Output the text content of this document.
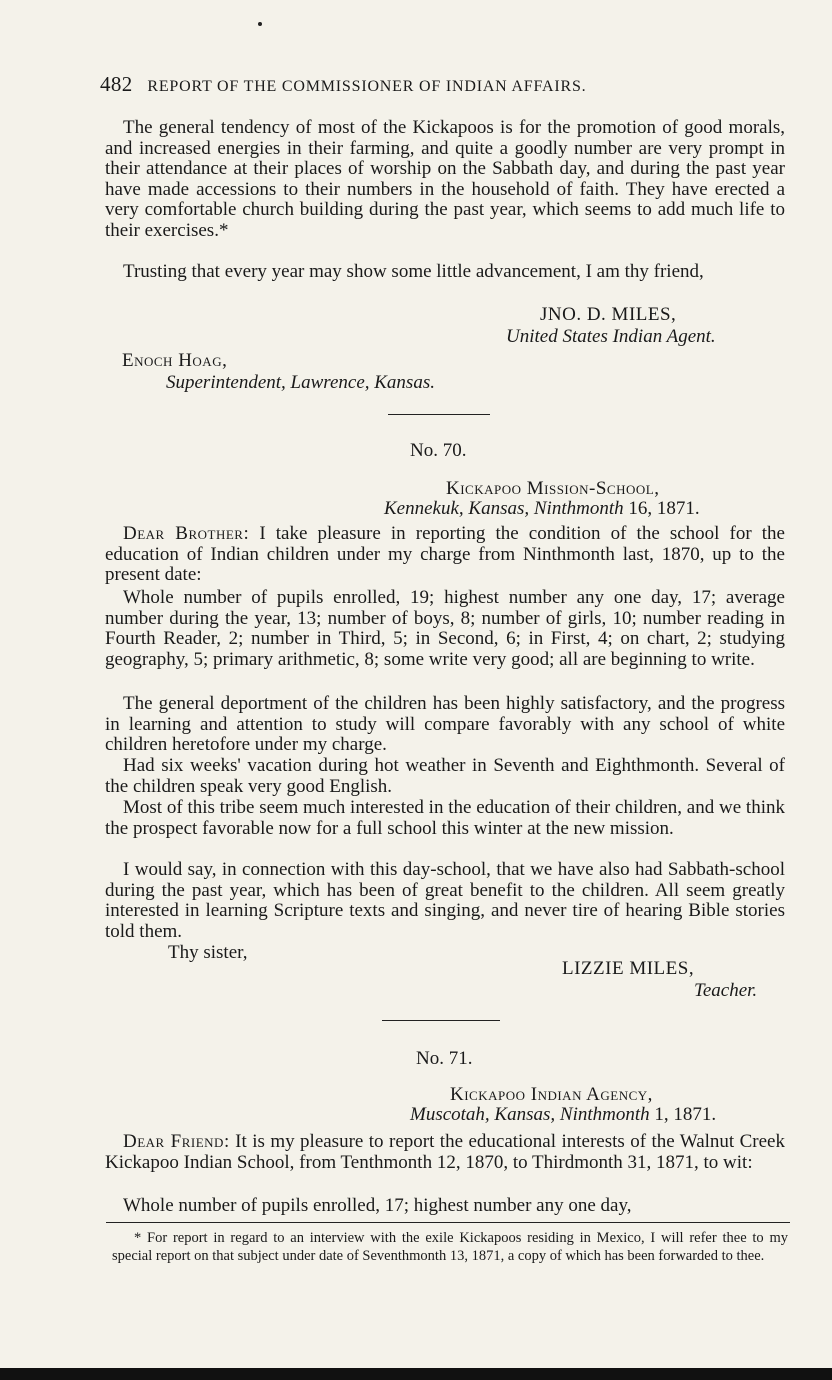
482 REPORT OF THE COMMISSIONER OF INDIAN AFFAIRS.

The general tendency of most of the Kickapoos is for the promotion of good morals, and increased energies in their farming, and quite a goodly number are very prompt in their attendance at their places of worship on the Sabbath day, and during the past year have made accessions to their numbers in the household of faith. They have erected a very comfortable church building during the past year, which seems to add much life to their exercises.*

Trusting that every year may show some little advancement, I am thy friend,

JNO. D. MILES,
United States Indian Agent.
Enoch Hoag,
Superintendent, Lawrence, Kansas.
No. 70.
Kickapoo Mission-School,
Kennekuk, Kansas, Ninthmonth 16, 1871.

Dear Brother: I take pleasure in reporting the condition of the school for the education of Indian children under my charge from Ninthmonth last, 1870, up to the present date:

Whole number of pupils enrolled, 19; highest number any one day, 17; average number during the year, 13; number of boys, 8; number of girls, 10; number reading in Fourth Reader, 2; number in Third, 5; in Second, 6; in First, 4; on chart, 2; studying geography, 5; primary arithmetic, 8; some write very good; all are beginning to write.

The general deportment of the children has been highly satisfactory, and the progress in learning and attention to study will compare favorably with any school of white children heretofore under my charge.

Had six weeks' vacation during hot weather in Seventh and Eighthmonth. Several of the children speak very good English.

Most of this tribe seem much interested in the education of their children, and we think the prospect favorable now for a full school this winter at the new mission.

I would say, in connection with this day-school, that we have also had Sabbath-school during the past year, which has been of great benefit to the children. All seem greatly interested in learning Scripture texts and singing, and never tire of hearing Bible stories told them.

Thy sister,
LIZZIE MILES,
Teacher.
No. 71.
Kickapoo Indian Agency,
Muscotah, Kansas, Ninthmonth 1, 1871.

Dear Friend: It is my pleasure to report the educational interests of the Walnut Creek Kickapoo Indian School, from Tenthmonth 12, 1870, to Thirdmonth 31, 1871, to wit:

Whole number of pupils enrolled, 17; highest number any one day,

* For report in regard to an interview with the exile Kickapoos residing in Mexico, I will refer thee to my special report on that subject under date of Seventhmonth 13, 1871, a copy of which has been forwarded to thee.
